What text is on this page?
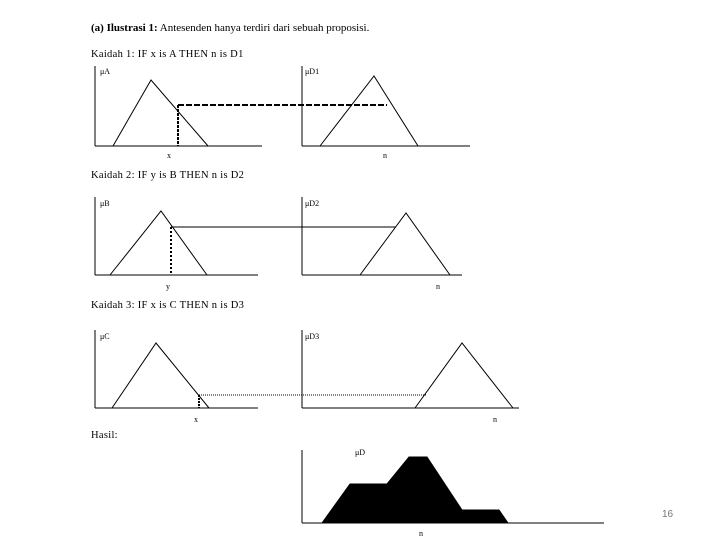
(a) Ilustrasi 1: Antesenden hanya terdiri dari sebuah proposisi.
Kaidah 1: IF x is A THEN n is D1
Kaidah 2: IF y is B THEN n is D2
Kaidah 3: IF x is C THEN n is D3
Hasil:
μA	μD1
μB	μD2
μC	μD3
μD
x	n
y	n
x	n
n
16
